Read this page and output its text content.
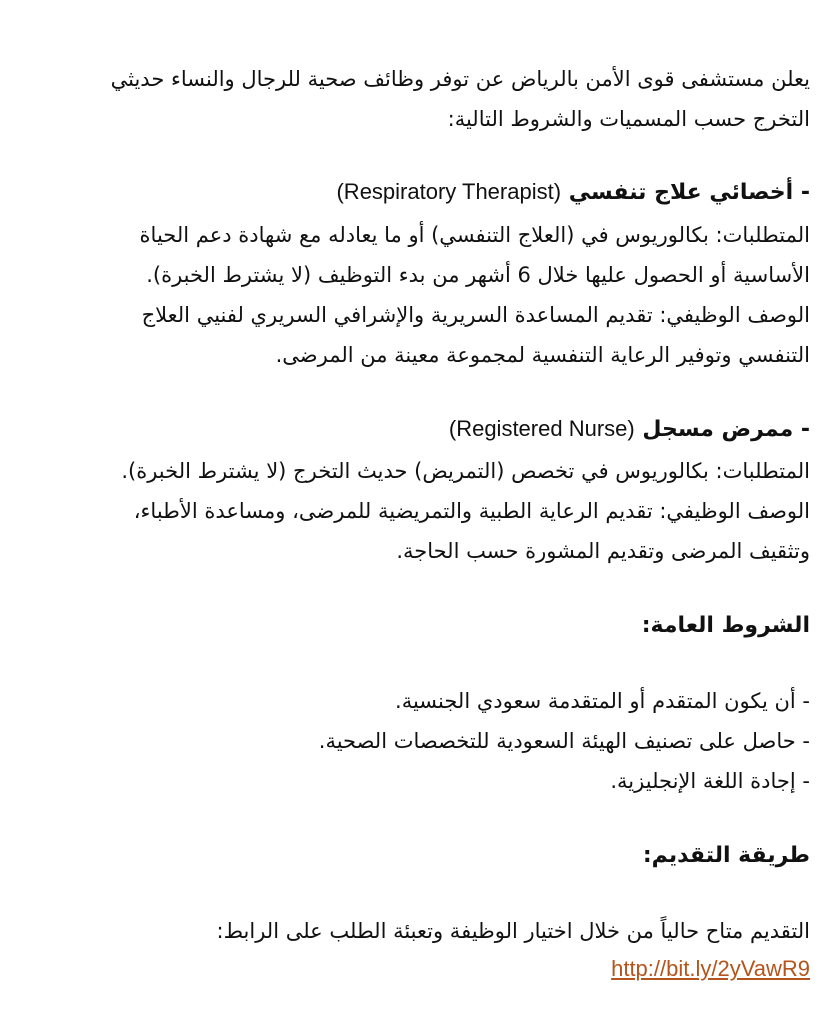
يعلن مستشفى قوى الأمن بالرياض عن توفر وظائف صحية للرجال والنساء حديثي

التخرج حسب المسميات والشروط التالية:

- أخصائي علاج تنفسي (Respiratory Therapist)

المتطلبات: بكالوريوس في (العلاج التنفسي) أو ما يعادله مع شهادة دعم الحياة

الأساسية أو الحصول عليها خلال 6 أشهر من بدء التوظيف (لا يشترط الخبرة).

الوصف الوظيفي: تقديم المساعدة السريرية والإشرافي السريري لفنيي العلاج

التنفسي وتوفير الرعاية التنفسية لمجموعة معينة من المرضى.

- ممرض مسجل (Registered Nurse)

المتطلبات: بكالوريوس في تخصص (التمريض) حديث التخرج (لا يشترط الخبرة).

الوصف الوظيفي: تقديم الرعاية الطبية والتمريضية للمرضى، ومساعدة الأطباء،

وتثقيف المرضى وتقديم المشورة حسب الحاجة.

الشروط العامة:

- أن يكون المتقدم أو المتقدمة سعودي الجنسية.

- حاصل على تصنيف الهيئة السعودية للتخصصات الصحية.

- إجادة اللغة الإنجليزية.

طريقة التقديم:

التقديم متاح حالياً من خلال اختيار الوظيفة وتعبئة الطلب على الرابط:

http://bit.ly/2yVawR9
